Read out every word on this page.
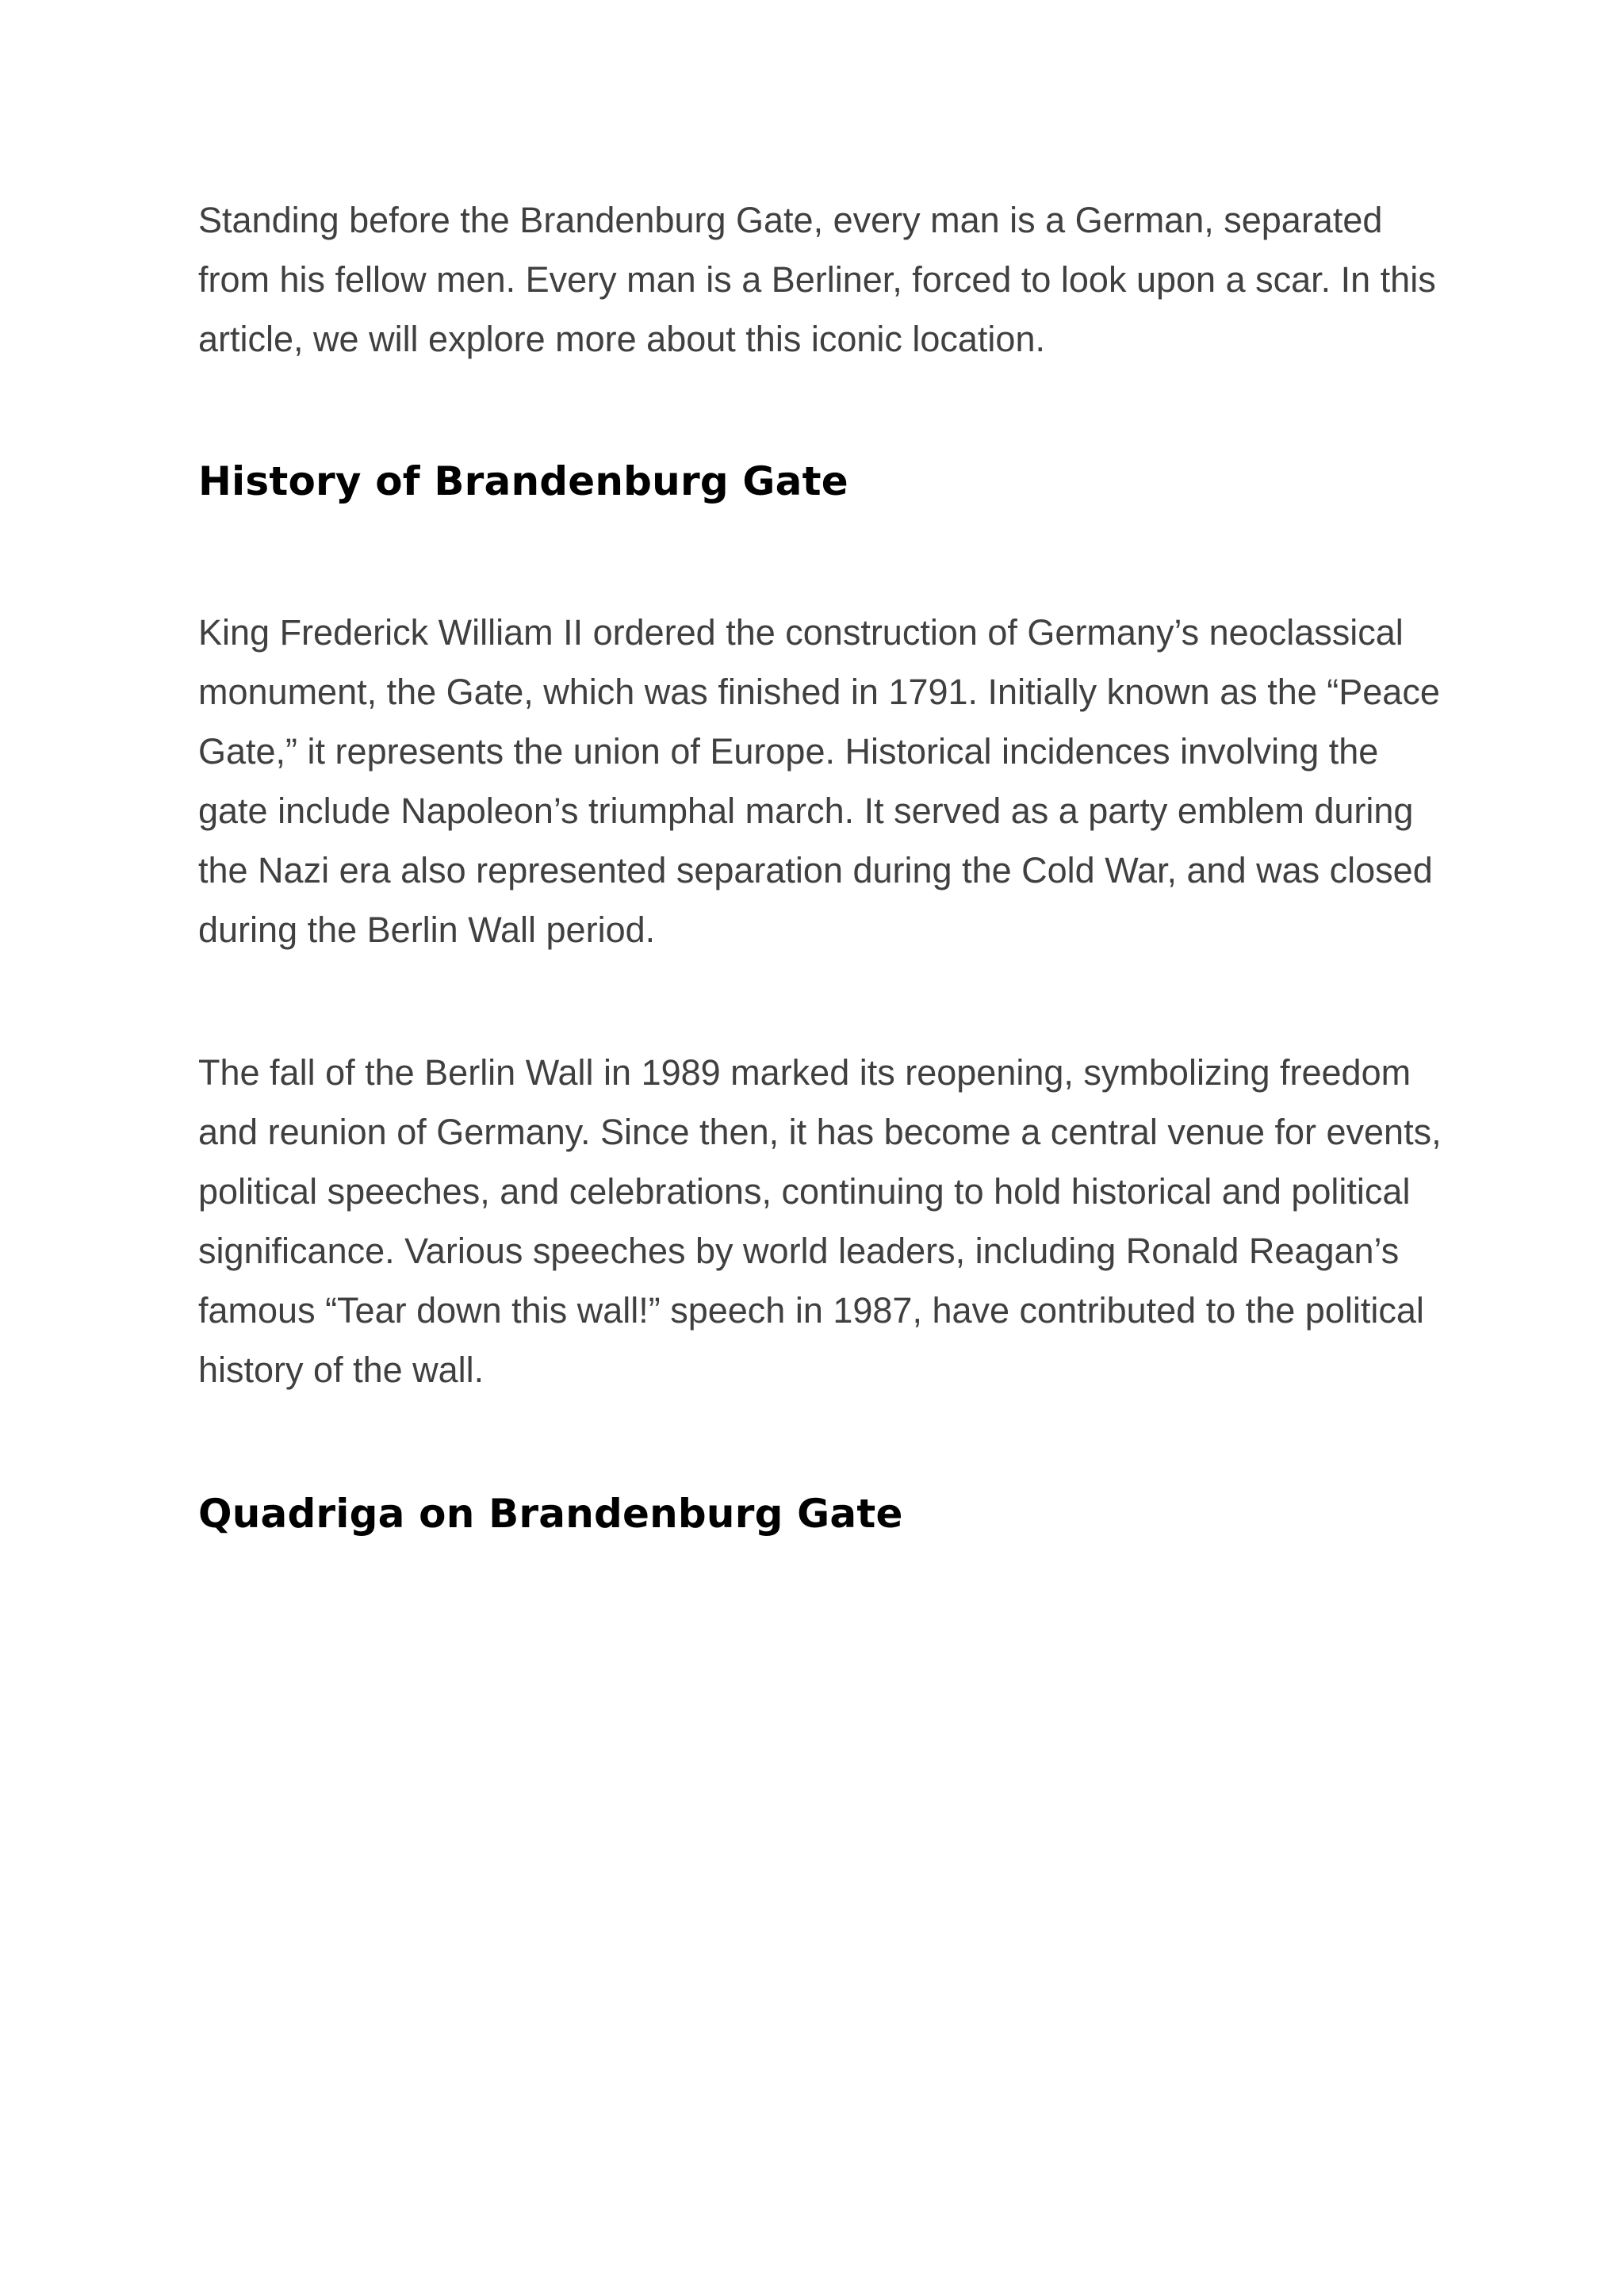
Standing before the Brandenburg Gate, every man is a German, separated from his fellow men. Every man is a Berliner, forced to look upon a scar. In this article, we will explore more about this iconic location.

History of Brandenburg Gate

King Frederick William II ordered the construction of Germany’s neoclassical monument, the Gate, which was finished in 1791. Initially known as the “Peace Gate,” it represents the union of Europe. Historical incidences involving the gate include Napoleon’s triumphal march. It served as a party emblem during the Nazi era also represented separation during the Cold War, and was closed during the Berlin Wall period.

The fall of the Berlin Wall in 1989 marked its reopening, symbolizing freedom and reunion of Germany. Since then, it has become a central venue for events, political speeches, and celebrations, continuing to hold historical and political significance. Various speeches by world leaders, including Ronald Reagan’s famous “Tear down this wall!” speech in 1987, have contributed to the political history of the wall.

Quadriga on Brandenburg Gate
